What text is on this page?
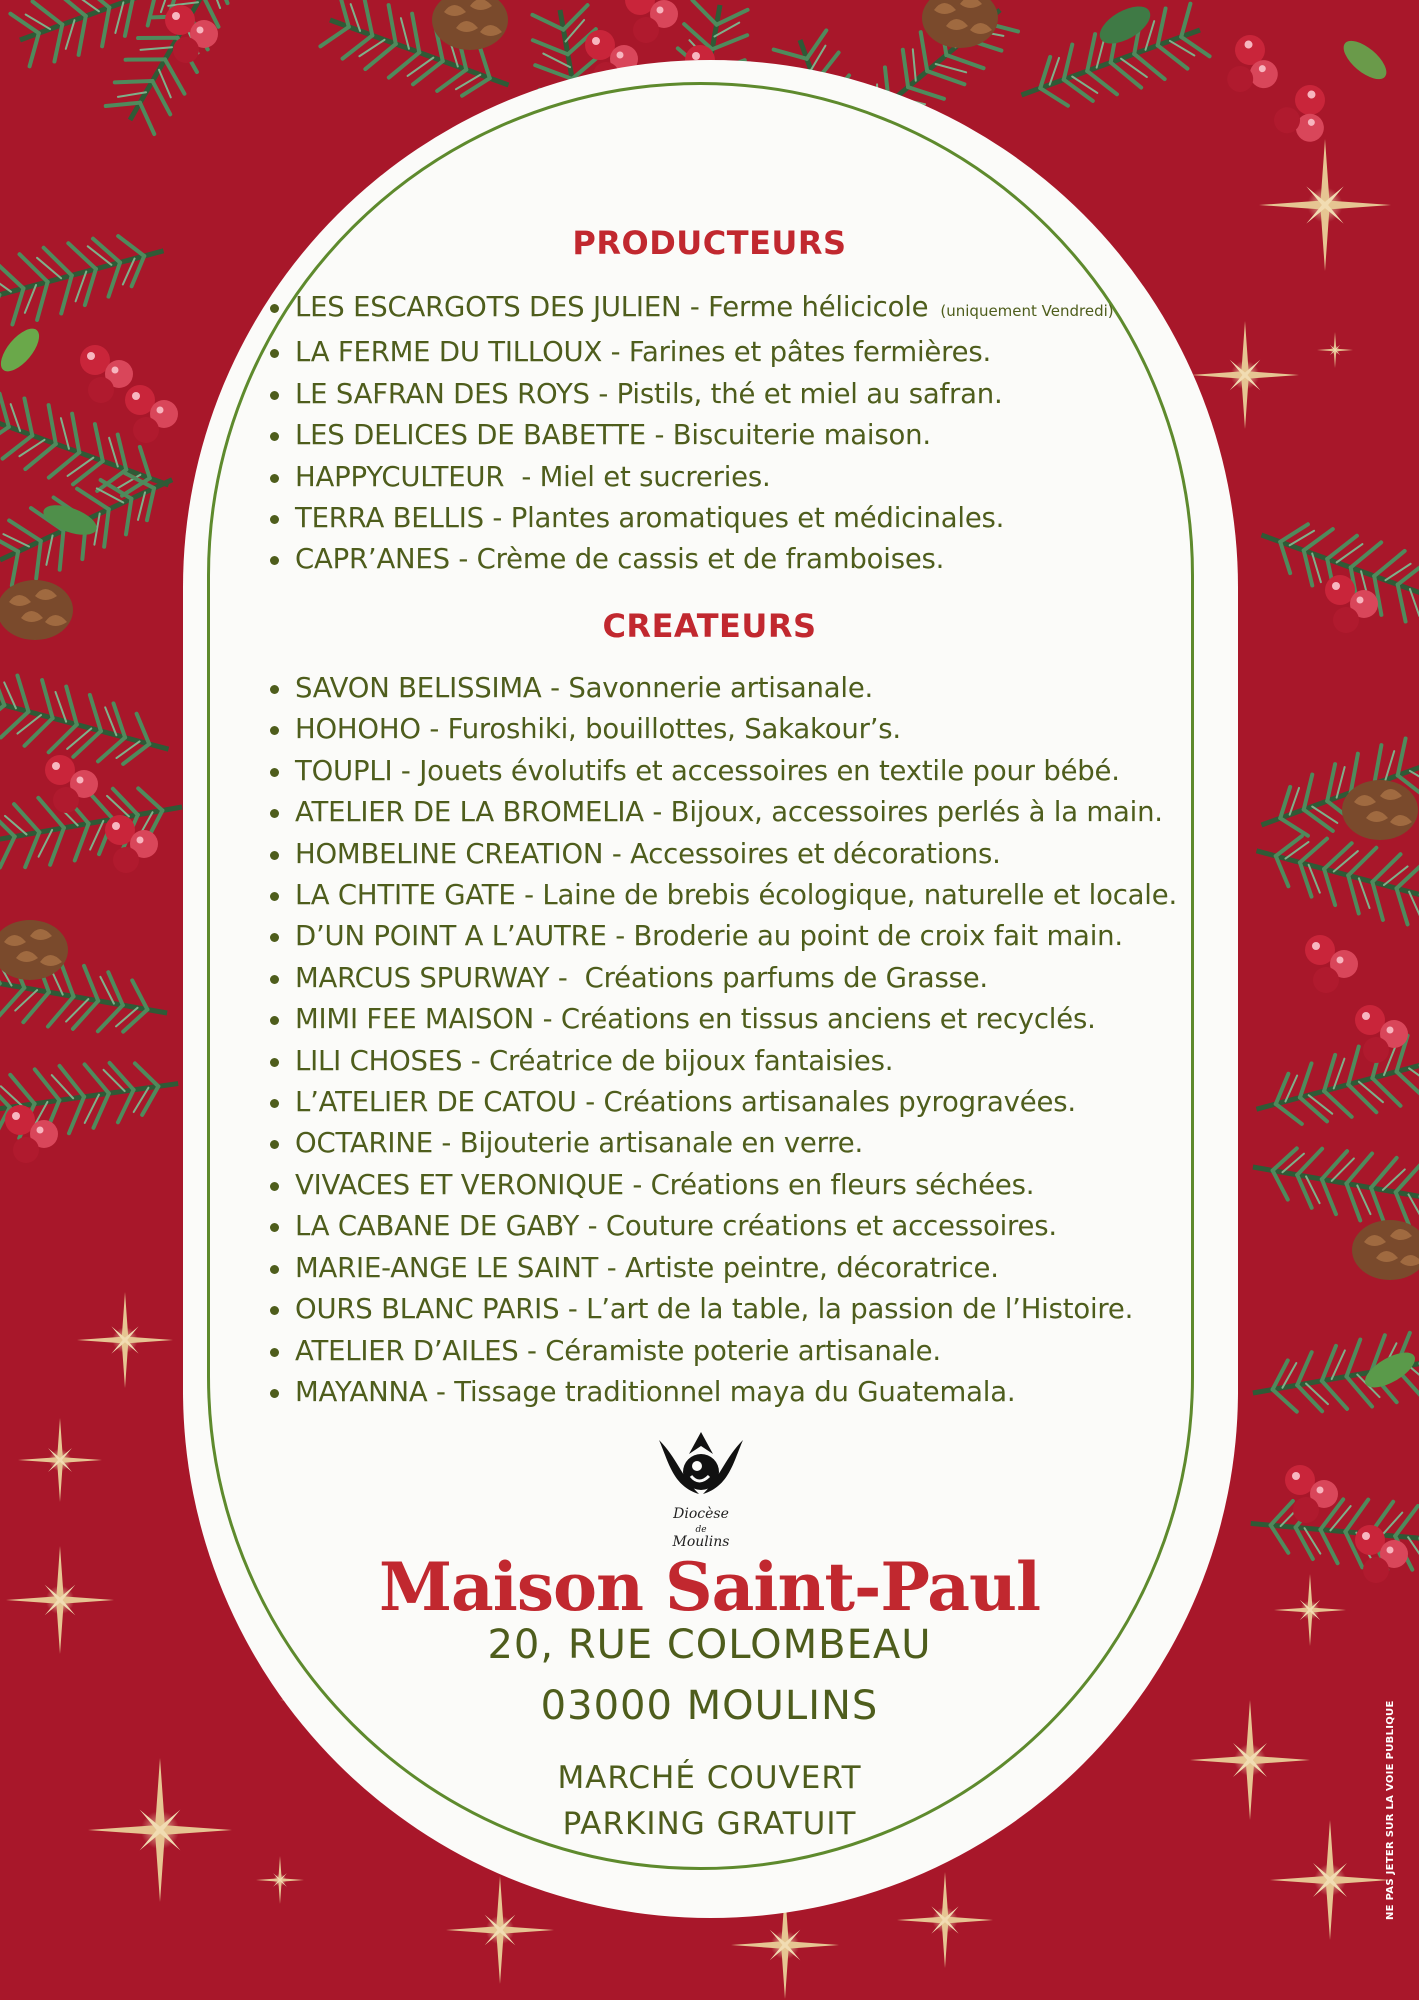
PRODUCTEURS
LES ESCARGOTS DES JULIEN - Ferme hélicicole (uniquement Vendredi)
LA FERME DU TILLOUX - Farines et pâtes fermières.
LE SAFRAN DES ROYS - Pistils, thé et miel au safran.
LES DELICES DE BABETTE - Biscuiterie maison.
HAPPYCULTEUR  - Miel et sucreries.
TERRA BELLIS - Plantes aromatiques et médicinales.
CAPR’ANES - Crème de cassis et de framboises.
CREATEURS
SAVON BELISSIMA - Savonnerie artisanale.
HOHOHO - Furoshiki, bouillottes, Sakakour’s.
TOUPLI - Jouets évolutifs et accessoires en textile pour bébé.
ATELIER DE LA BROMELIA - Bijoux, accessoires perlés à la main.
HOMBELINE CREATION - Accessoires et décorations.
LA CHTITE GATE - Laine de brebis écologique, naturelle et locale.
D’UN POINT A L’AUTRE - Broderie au point de croix fait main.
MARCUS SPURWAY -  Créations parfums de Grasse.
MIMI FEE MAISON - Créations en tissus anciens et recyclés.
LILI CHOSES - Créatrice de bijoux fantaisies.
L’ATELIER DE CATOU - Créations artisanales pyrogravées.
OCTARINE - Bijouterie artisanale en verre.
VIVACES ET VERONIQUE - Créations en fleurs séchées.
LA CABANE DE GABY - Couture créations et accessoires.
MARIE-ANGE LE SAINT - Artiste peintre, décoratrice.
OURS BLANC PARIS - L’art de la table, la passion de l’Histoire.
ATELIER D’AILES - Céramiste poterie artisanale.
MAYANNA - Tissage traditionnel maya du Guatemala.
Diocèse
de
Moulins
Maison Saint-Paul

20, RUE COLOMBEAU

03000 MOULINS

MARCHÉ COUVERT

PARKING GRATUIT	NE PAS JETER SUR LA VOIE PUBLIQUE
